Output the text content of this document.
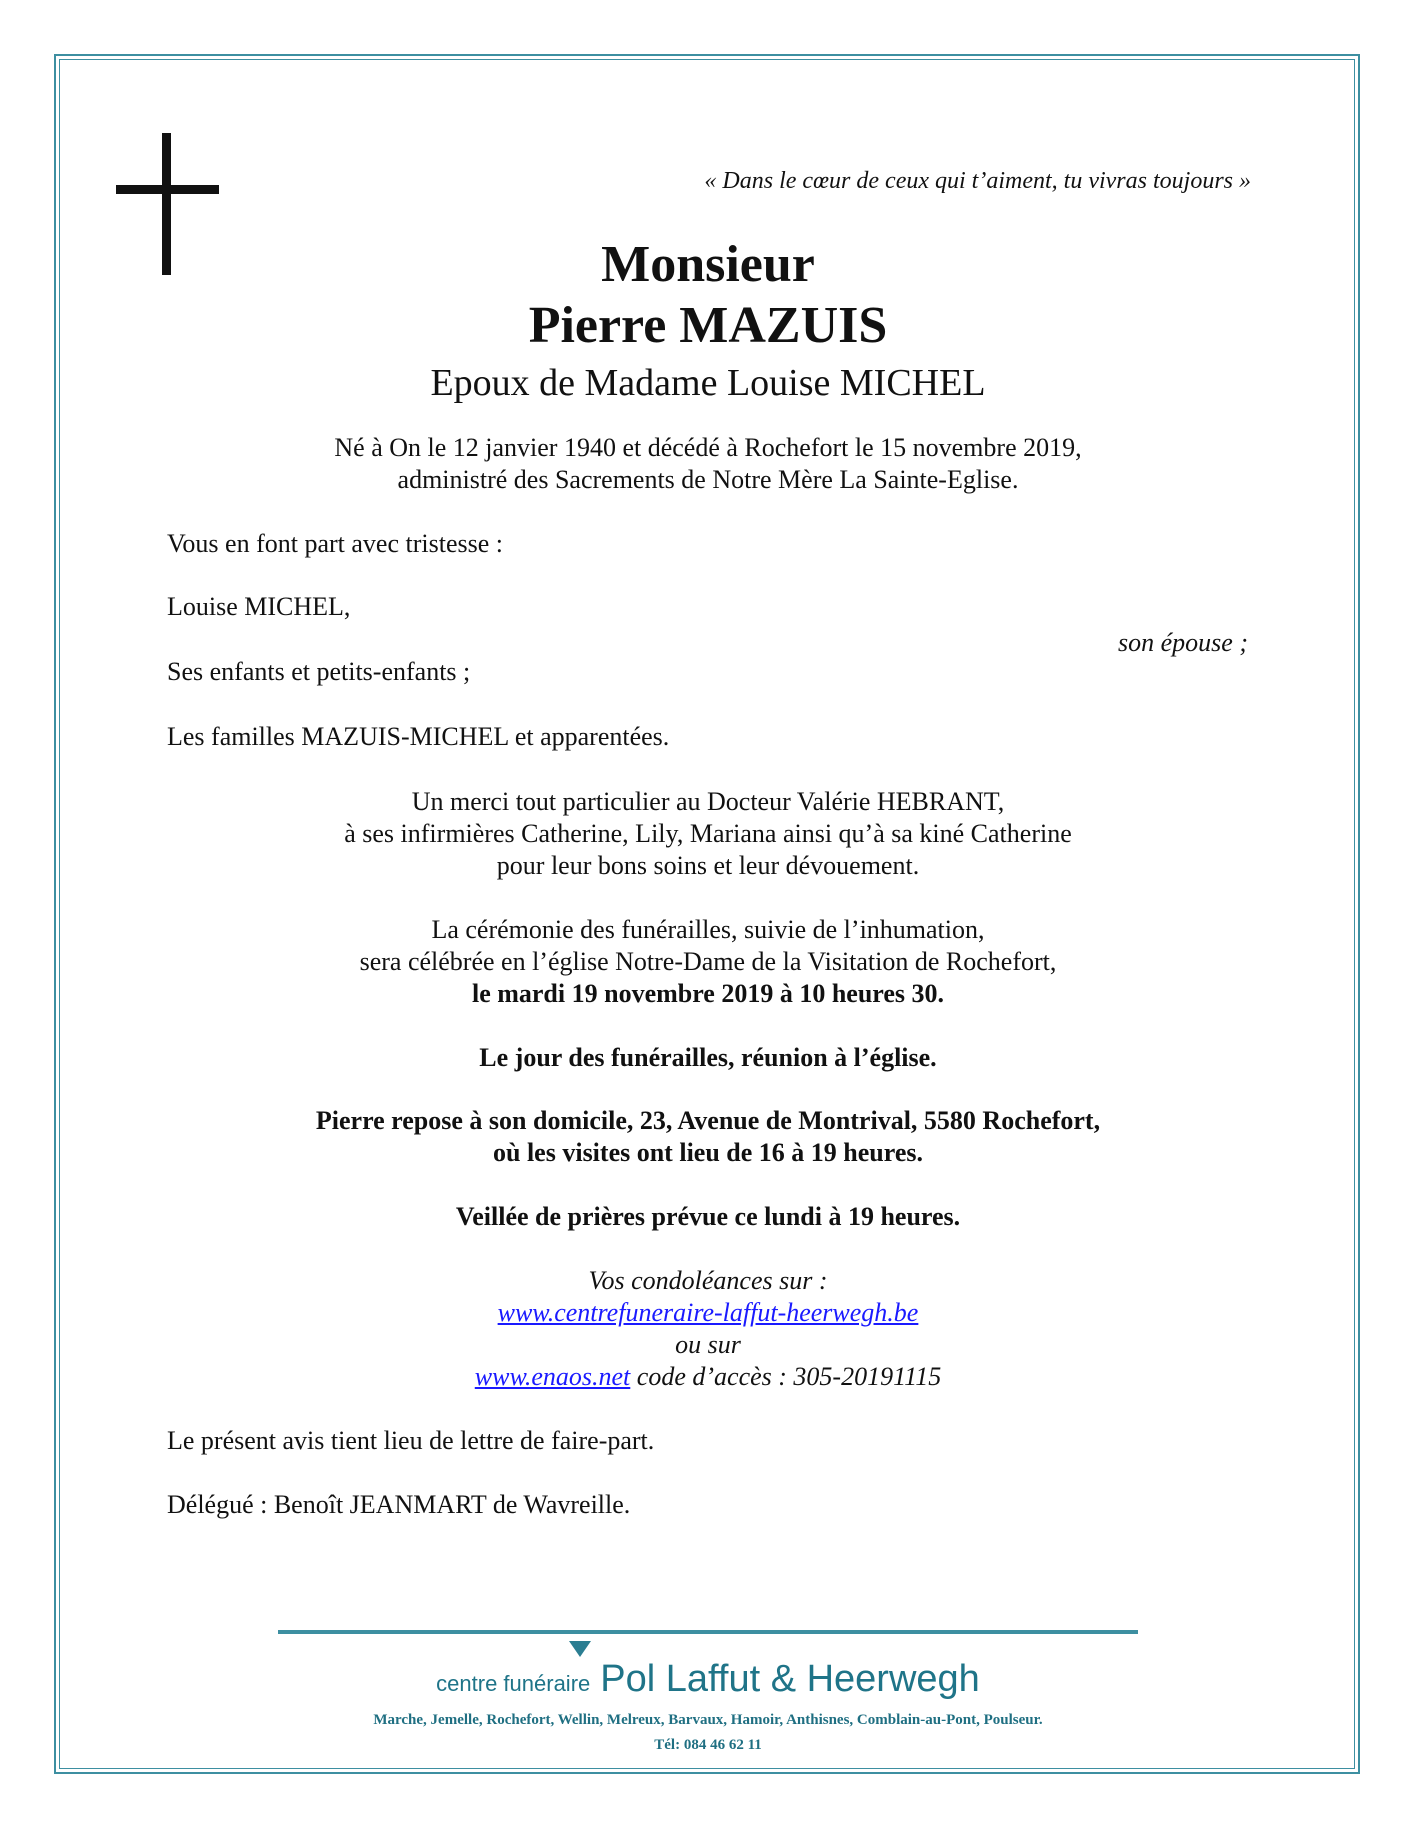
« Dans le cœur de ceux qui t’aiment, tu vivras toujours »
Monsieur
Pierre MAZUIS
Epoux de Madame Louise MICHEL
Né à On le 12 janvier 1940 et décédé à Rochefort le 15 novembre 2019,
administré des Sacrements de Notre Mère La Sainte-Eglise.
Vous en font part avec tristesse :
Louise MICHEL,
son épouse ;
Ses enfants et petits-enfants ;
Les familles MAZUIS-MICHEL et apparentées.
Un merci tout particulier au Docteur Valérie HEBRANT,
à ses infirmières Catherine, Lily, Mariana ainsi qu’à sa kiné Catherine
pour leur bons soins et leur dévouement.
La cérémonie des funérailles, suivie de l’inhumation,
sera célébrée en l’église Notre-Dame de la Visitation de Rochefort,
le mardi 19 novembre 2019 à 10 heures 30.
Le jour des funérailles, réunion à l’église.
Pierre repose à son domicile, 23, Avenue de Montrival, 5580 Rochefort,
où les visites ont lieu de 16 à 19 heures.
Veillée de prières prévue ce lundi à 19 heures.
Vos condoléances sur :
www.centrefuneraire-laffut-heerwegh.be
ou sur
www.enaos.net code d’accès : 305-20191115
Le présent avis tient lieu de lettre de faire-part.
Délégué : Benoît JEANMART de Wavreille.
centre funéraire Pol Laffut & Heerwegh
Marche, Jemelle, Rochefort, Wellin, Melreux, Barvaux, Hamoir, Anthisnes, Comblain-au-Pont, Poulseur.
Tél: 084 46 62 11
